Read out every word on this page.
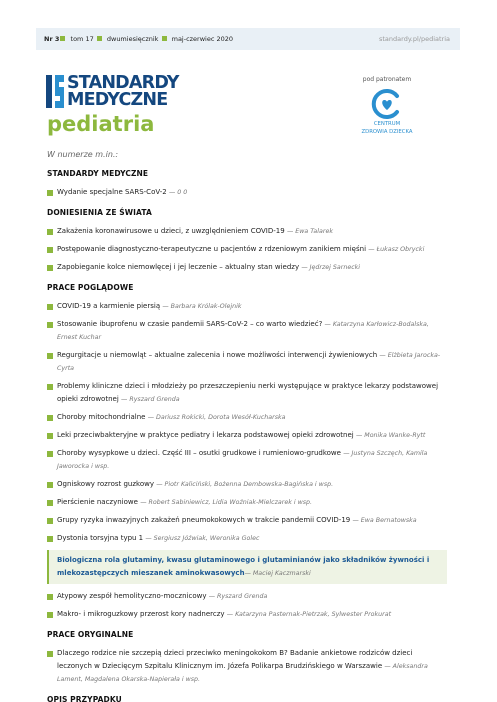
Nr 3 tom 17 dwumiesięcznik maj-czerwiec 2020	standardy.pl/pediatria
STANDARDY
MEDYCZNE
pediatria
pod patronatem
CENTRUM
ZDROWIA DZIECKA
W numerze m.in.:
STANDARDY MEDYCZNE
Wydanie specjalne SARS-CoV-2 — 0 0
DONIESIENIA ZE ŚWIATA
Zakażenia koronawirusowe u dzieci, z uwzględnieniem COVID-19 — Ewa Talarek
Postępowanie diagnostyczno-terapeutyczne u pacjentów z rdzeniowym zanikiem mięśni — Łukasz Obrycki
Zapobieganie kolce niemowlęcej i jej leczenie – aktualny stan wiedzy — Jędrzej Sarnecki
PRACE POGLĄDOWE
COVID-19 a karmienie piersią — Barbara Królak-Olejnik
Stosowanie ibuprofenu w czasie pandemii SARS-CoV-2 – co warto wiedzieć? — Katarzyna Karłowicz-Bodalska, Ernest Kuchar
Regurgitacje u niemowląt – aktualne zalecenia i nowe możliwości interwencji żywieniowych — Elżbieta Jarocka-Cyrta
Problemy kliniczne dzieci i młodzieży po przeszczepieniu nerki występujące w praktyce lekarzy podstawowej opieki zdrowotnej — Ryszard Grenda
Choroby mitochondrialne — Dariusz Rokicki, Dorota Wesół-Kucharska
Leki przeciwbakteryjne w praktyce pediatry i lekarza podstawowej opieki zdrowotnej — Monika Wanke-Rytt
Choroby wysypkowe u dzieci. Część III – osutki grudkowe i rumieniowo-grudkowe — Justyna Szczęch, Kamila Jaworocka i wsp.
Ogniskowy rozrost guzkowy — Piotr Kaliciński, Bożenna Dembowska-Bagińska i wsp.
Pierścienie naczyniowe — Robert Sabiniewicz, Lidia Woźniak-Mielczarek i wsp.
Grupy ryzyka inwazyjnych zakażeń pneumokokowych w trakcie pandemii COVID-19 — Ewa Bernatowska
Dystonia torsyjna typu 1 — Sergiusz Jóźwiak, Weronika Golec
Biologiczna rola glutaminy, kwasu glutaminowego i glutaminianów jako składników żywności i mlekozastępczych mieszanek aminokwasowych— Maciej Kaczmarski
Atypowy zespół hemolityczno-mocznicowy — Ryszard Grenda
Makro- i mikroguzkowy przerost kory nadnerczy — Katarzyna Pasternak-Pietrzak, Sylwester Prokurat
PRACE ORYGINALNE
Dlaczego rodzice nie szczepią dzieci przeciwko meningokokom B? Badanie ankietowe rodziców dzieci leczonych w Dziecięcym Szpitalu Klinicznym im. Józefa Polikarpa Brudzińskiego w Warszawie — Aleksandra Lament, Magdalena Okarska-Napierała i wsp.
OPIS PRZYPADKU
